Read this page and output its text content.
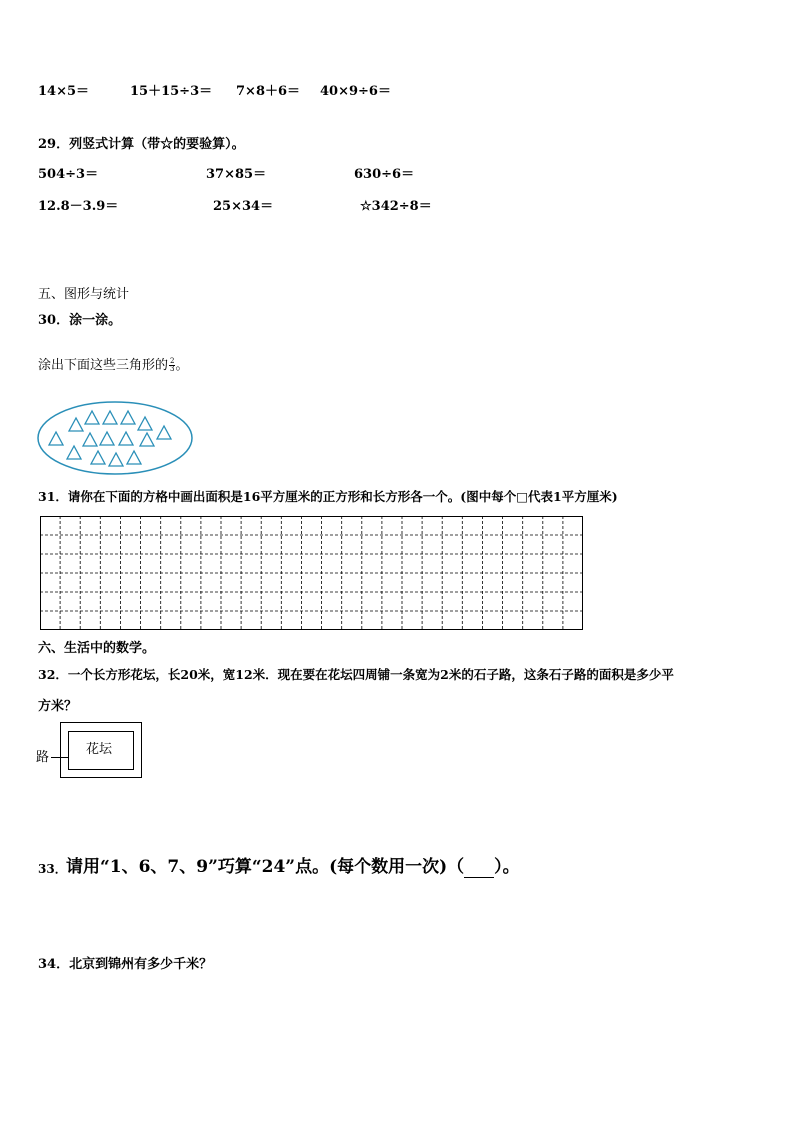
14×5＝	15＋15÷3＝ 7×8＋6＝ 40×9÷6＝
29．列竖式计算（带☆的要验算）。
504÷3＝	37×85＝	630÷6＝
12.8－3.9＝	25×34＝	☆342÷8＝
五、图形与统计
30．涂一涂。
涂出下面这些三角形的 $\frac{2}{3}$ 。
31．请你在下面的方格中画出面积是16平方厘米的正方形和长方形各一个。(图中每个□代表1平方厘米)
六、生活中的数学。
32．一个长方形花坛，长20米，宽12米．现在要在花坛四周铺一条宽为2米的石子路，这条石子路的面积是多少平
方米？
花坛
路
33． 请用“1、6、7、9”巧算“24”点。(每个数用一次)（ ）。
34．北京到锦州有多少千米？
